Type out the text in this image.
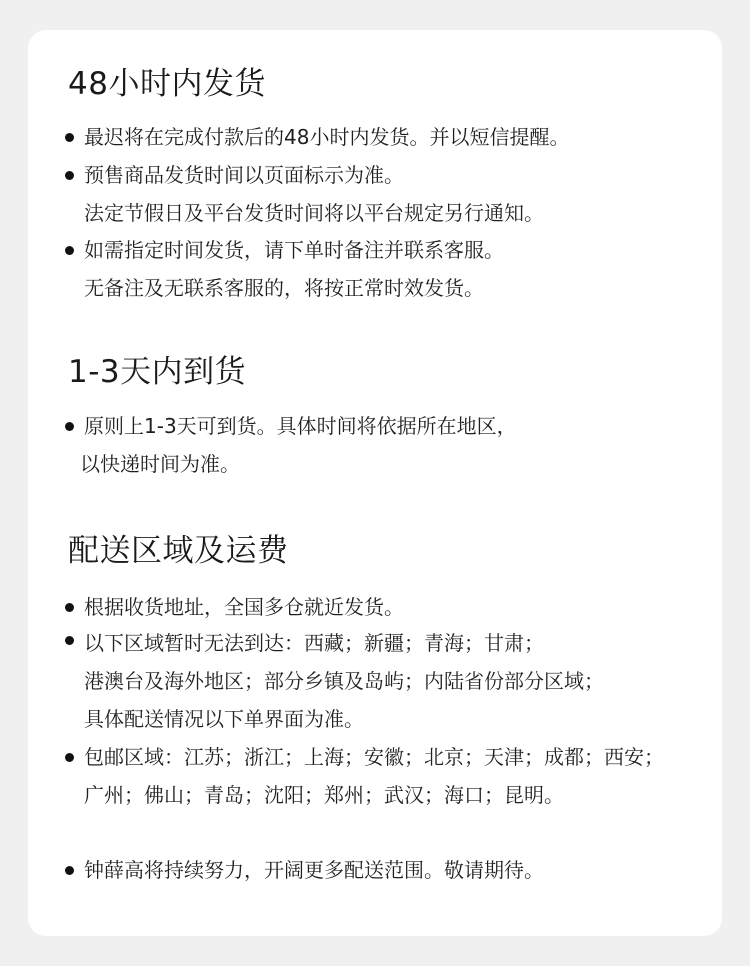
48小时内发货
最迟将在完成付款后的48小时内发货。并以短信提醒。
预售商品发货时间以页面标示为准。
法定节假日及平台发货时间将以平台规定另行通知。
如需指定时间发货，请下单时备注并联系客服。
无备注及无联系客服的，将按正常时效发货。
1-3天内到货
原则上1-3天可到货。具体时间将依据所在地区，
以快递时间为准。
配送区域及运费
根据收货地址，全国多仓就近发货。
以下区域暂时无法到达：西藏；新疆；青海；甘肃；
港澳台及海外地区；部分乡镇及岛屿；内陆省份部分区域；
具体配送情况以下单界面为准。
包邮区域：江苏；浙江；上海；安徽；北京；天津；成都；西安；
广州；佛山；青岛；沈阳；郑州；武汉；海口；昆明。
钟薛高将持续努力，开阔更多配送范围。敬请期待。
